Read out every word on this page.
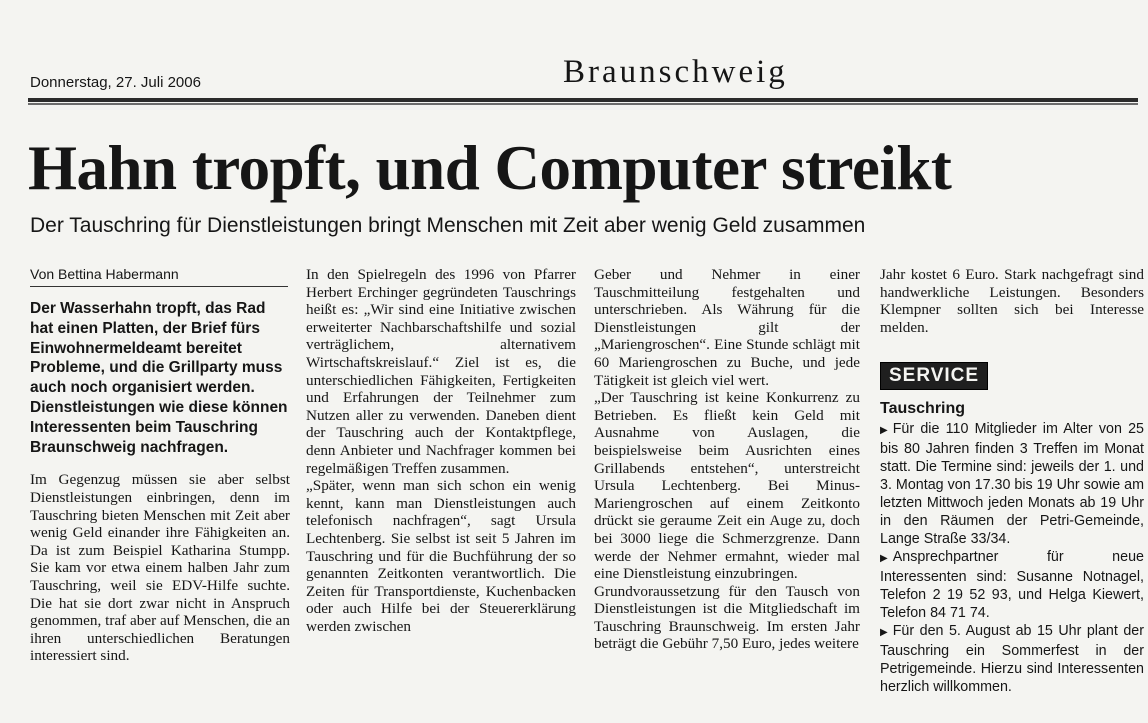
Donnerstag, 27. Juli 2006	Braunschweig
Hahn tropft, und Computer streikt
Der Tauschring für Dienstleistungen bringt Menschen mit Zeit aber wenig Geld zusammen

Von Bettina Habermann

Der Wasserhahn tropft, das Rad hat einen Platten, der Brief fürs Einwohnermeldeamt bereitet Probleme, und die Grillparty muss auch noch organisiert werden. Dienstleistungen wie diese können Interessenten beim Tauschring Braunschweig nachfragen.

Im Gegenzug müssen sie aber selbst Dienstleistungen einbringen, denn im Tauschring bieten Menschen mit Zeit aber wenig Geld einander ihre Fähigkeiten an. Da ist zum Beispiel Katharina Stumpp. Sie kam vor etwa einem halben Jahr zum Tauschring, weil sie EDV-Hilfe suchte. Die hat sie dort zwar nicht in Anspruch genommen, traf aber auf Menschen, die an ihren unterschiedlichen Beratungen interessiert sind.

In den Spielregeln des 1996 von Pfarrer Herbert Erchinger gegründeten Tauschrings heißt es: „Wir sind eine Initiative zwischen erweiterter Nachbarschaftshilfe und sozial verträglichem, alternativem Wirtschaftskreislauf.“ Ziel ist es, die unterschiedlichen Fähigkeiten, Fertigkeiten und Erfahrungen der Teilnehmer zum Nutzen aller zu verwenden. Daneben dient der Tauschring auch der Kontaktpflege, denn Anbieter und Nachfrager kommen bei regelmäßigen Treffen zusammen.

„Später, wenn man sich schon ein wenig kennt, kann man Dienstleistungen auch telefonisch nachfragen“, sagt Ursula Lechtenberg. Sie selbst ist seit 5 Jahren im Tauschring und für die Buchführung der so genannten Zeitkonten verantwortlich. Die Zeiten für Transportdienste, Kuchenbacken oder auch Hilfe bei der Steuererklärung werden zwischen

Geber und Nehmer in einer Tauschmitteilung festgehalten und unterschrieben. Als Währung für die Dienstleistungen gilt der „Mariengroschen“. Eine Stunde schlägt mit 60 Mariengroschen zu Buche, und jede Tätigkeit ist gleich viel wert.

„Der Tauschring ist keine Konkurrenz zu Betrieben. Es fließt kein Geld mit Ausnahme von Auslagen, die beispielsweise beim Ausrichten eines Grillabends entstehen“, unterstreicht Ursula Lechtenberg. Bei Minus-Mariengroschen auf einem Zeitkonto drückt sie geraume Zeit ein Auge zu, doch bei 3000 liege die Schmerzgrenze. Dann werde der Nehmer ermahnt, wieder mal eine Dienstleistung einzubringen.

Grundvoraussetzung für den Tausch von Dienstleistungen ist die Mitgliedschaft im Tauschring Braunschweig. Im ersten Jahr beträgt die Gebühr 7,50 Euro, jedes weitere

Jahr kostet 6 Euro. Stark nachgefragt sind handwerkliche Leistungen. Besonders Klempner sollten sich bei Interesse melden.

SERVICE

Tauschring

▶ Für die 110 Mitglieder im Alter von 25 bis 80 Jahren finden 3 Treffen im Monat statt. Die Termine sind: jeweils der 1. und 3. Montag von 17.30 bis 19 Uhr sowie am letzten Mittwoch jeden Monats ab 19 Uhr in den Räumen der Petri-Gemeinde, Lange Straße 33/34.

▶ Ansprechpartner für neue Interessenten sind: Susanne Notnagel, Telefon 2 19 52 93, und Helga Kiewert, Telefon 84 71 74.

▶ Für den 5. August ab 15 Uhr plant der Tauschring ein Sommerfest in der Petrigemeinde. Hierzu sind Interessenten herzlich willkommen.
